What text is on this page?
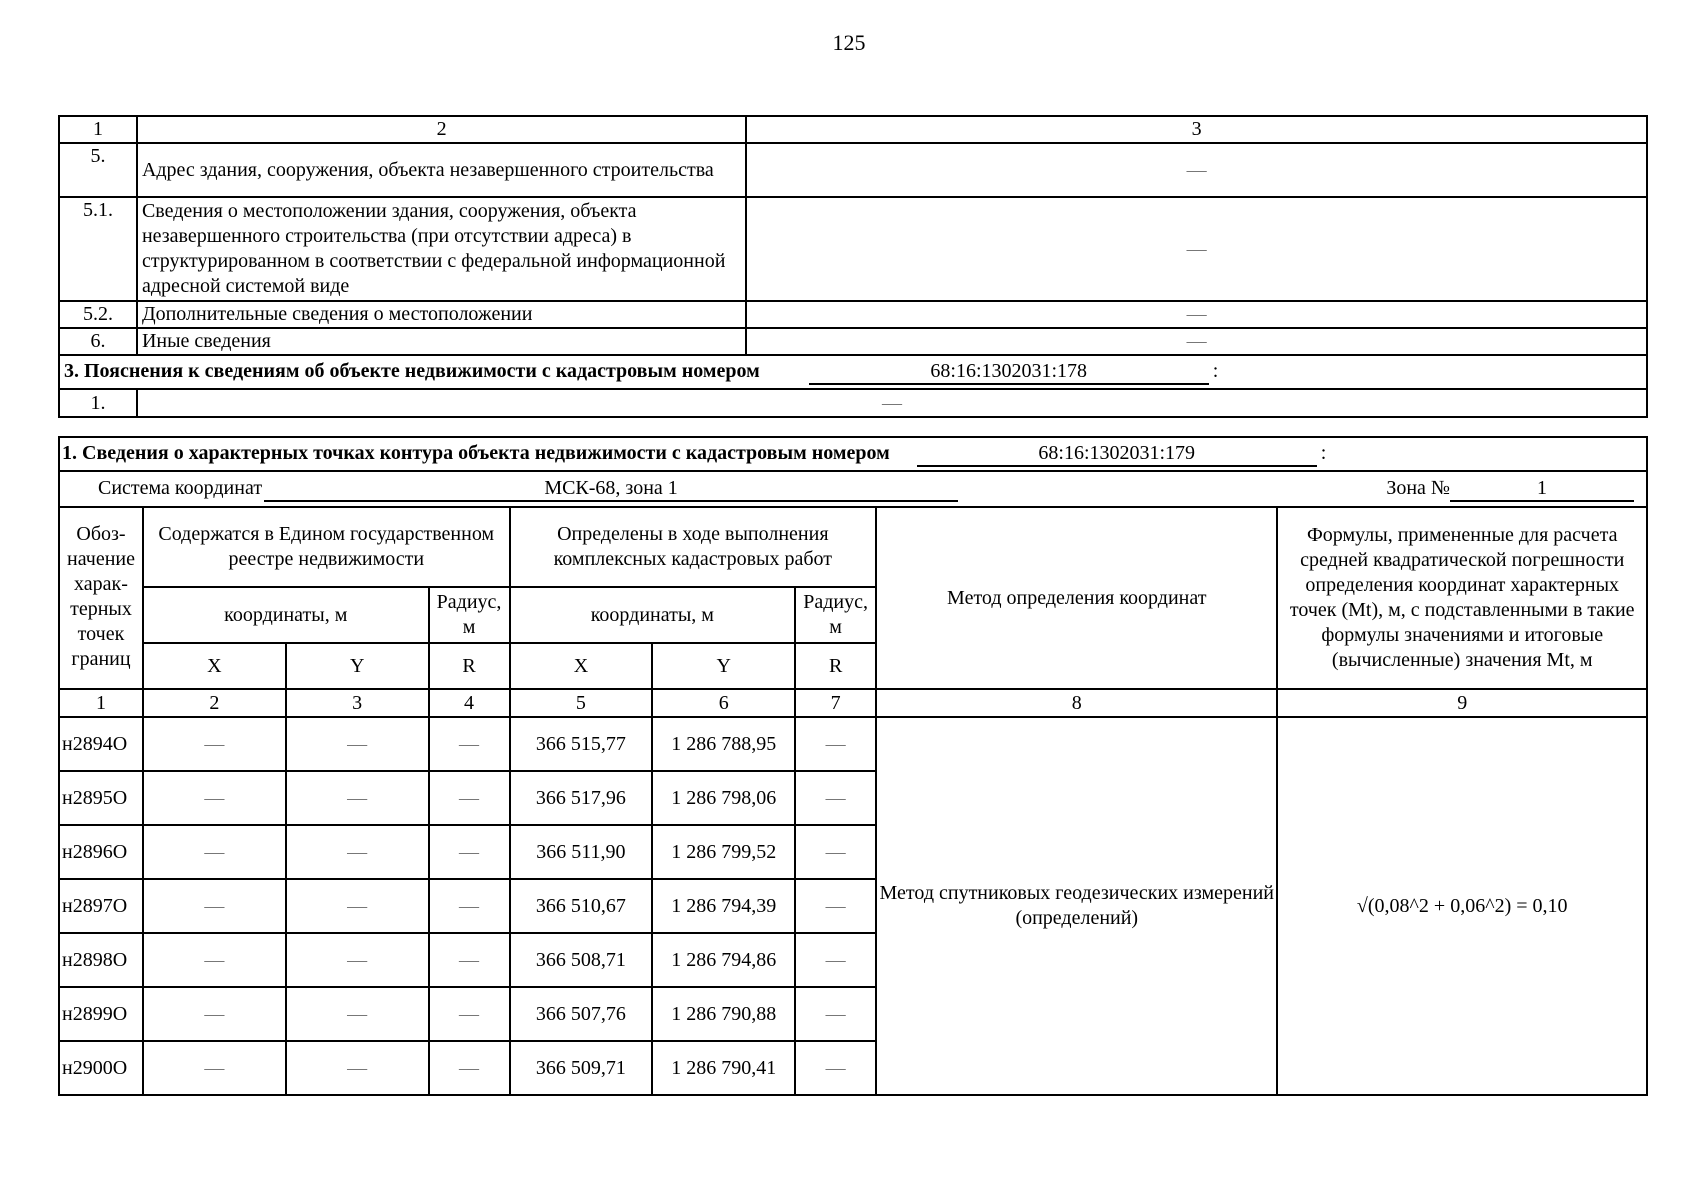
125
1	2	3
5.	Адрес здания, сооружения, объекта незавершенного строительства	—
5.1.	Сведения о местоположении здания, сооружения, объекта незавершенного строительства (при отсутствии адреса) в структурированном в соответствии с федеральной информационной адресной системой виде	—
5.2.	Дополнительные сведения о местоположении	—
6.	Иные сведения	—
3. Пояснения к сведениям об объекте недвижимости с кадастровым номером 68:16:1302031:178 :		
1.	—	
1. Сведения о характерных точках контура объекта недвижимости с кадастровым номером 68:16:1302031:179 :								
Система координат МСК-68, зона 1 Зона № 1								

Обоз-начение харак-терных точек границ	Содержатся в Едином государственном реестре недвижимости			Определены в ходе выполнения комплексных кадастровых работ			Метод определения координат	Формулы, примененные для расчета средней квадратической погрешности определения координат характерных точек (Mt), м, с подставленными в такие формулы значениями и итоговые (вычисленные) значения Mt, м
	координаты, м		Радиус, м	координаты, м		Радиус, м		
	X	Y	R	X	Y	R		
1	2	3	4	5	6	7	8	9
н2894О	—	—	—	366 515,77	1 286 788,95	—	Метод спутниковых геодезических измерений (определений)	√(0,08^2 + 0,06^2) = 0,10
н2895О	—	—	—	366 517,96	1 286 798,06	—		
н2896О	—	—	—	366 511,90	1 286 799,52	—		
н2897О	—	—	—	366 510,67	1 286 794,39	—		
н2898О	—	—	—	366 508,71	1 286 794,86	—		
н2899О	—	—	—	366 507,76	1 286 790,88	—		
н2900О	—	—	—	366 509,71	1 286 790,41	—		
